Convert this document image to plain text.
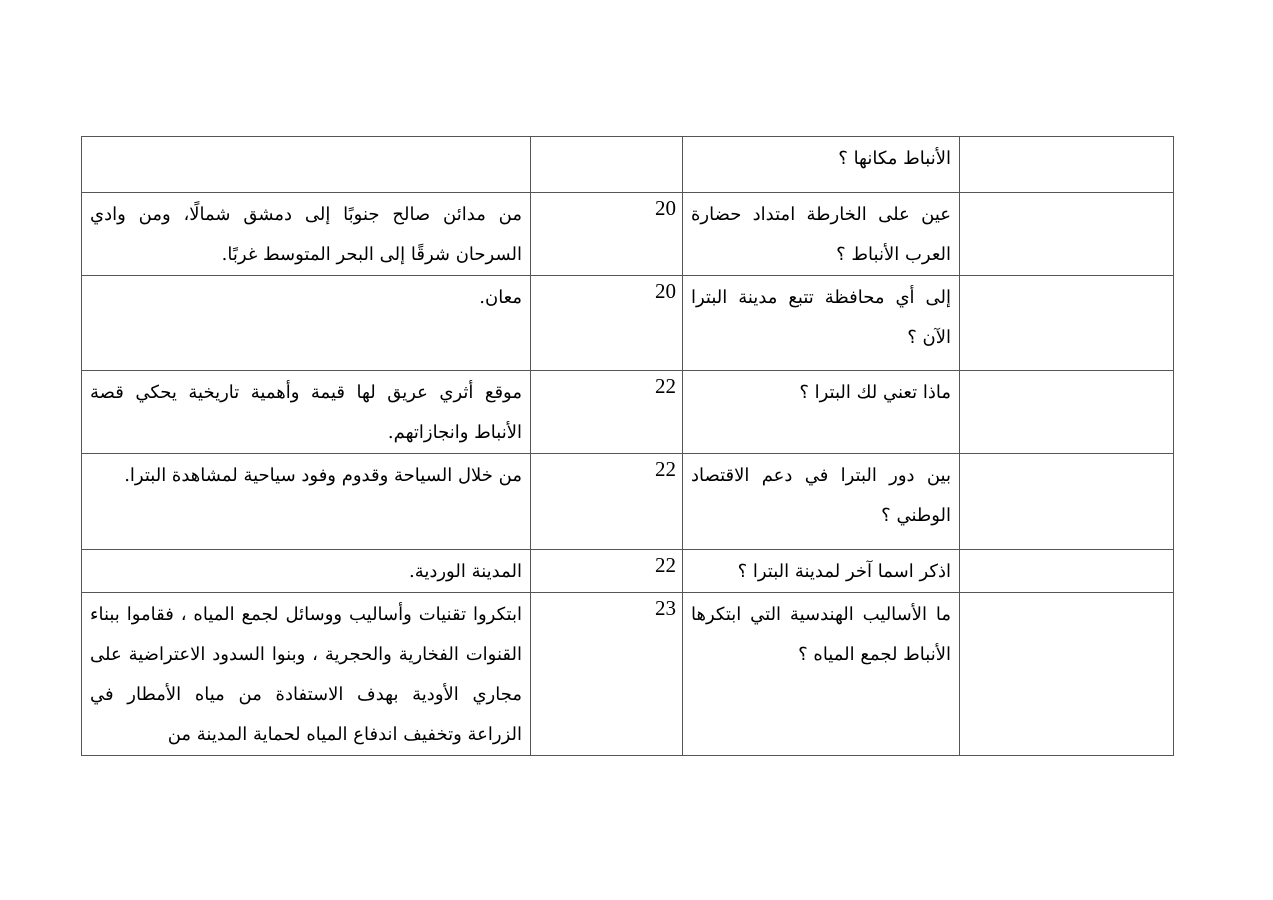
		الأنباط مكانها ؟	

من مدائن صالح جنوبًا إلى دمشق شمالًا، ومن وادي السرحان شرقًا إلى البحر المتوسط غربًا.	20	عين على الخارطة امتداد حضارة العرب الأنباط ؟	

معان.	20	إلى أي محافظة تتبع مدينة البترا الآن ؟	

موقع أثري عريق لها قيمة وأهمية تاريخية يحكي قصة الأنباط وانجازاتهم.	22	ماذا تعني لك البترا ؟	

من خلال السياحة وقدوم وفود سياحية لمشاهدة البترا.	22	بين دور البترا في دعم الاقتصاد الوطني ؟	

المدينة الوردية.	22	اذكر اسما آخر لمدينة البترا ؟	

ابتكروا تقنيات وأساليب ووسائل لجمع المياه ، فقاموا ببناء القنوات الفخارية والحجرية ، وبنوا السدود الاعتراضية على مجاري الأودية بهدف الاستفادة من مياه الأمطار في الزراعة وتخفيف اندفاع المياه لحماية المدينة من	23	ما الأساليب الهندسية التي ابتكرها الأنباط لجمع المياه ؟	
